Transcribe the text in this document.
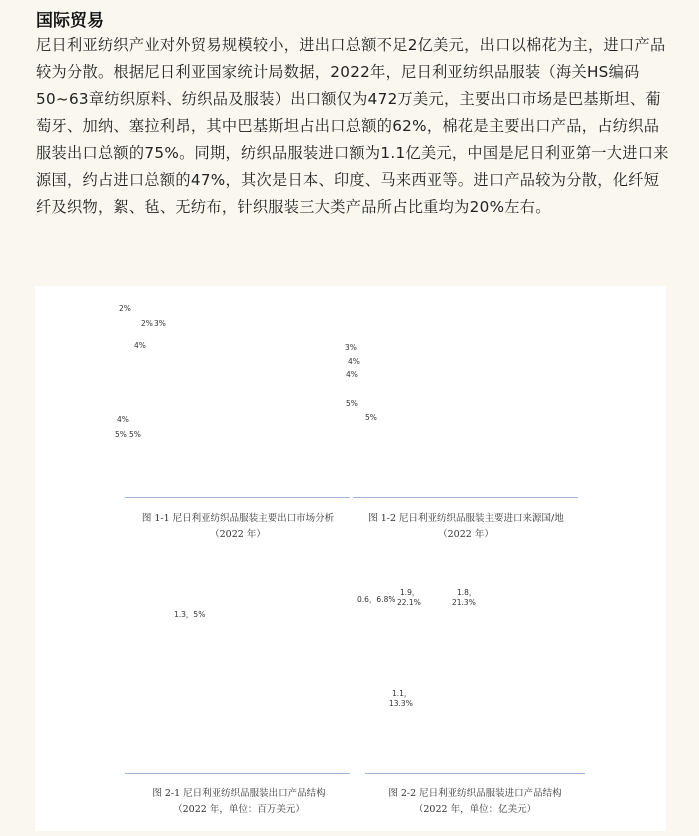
国际贸易
尼日利亚纺织产业对外贸易规模较小，进出口总额不足2亿美元，出口以棉花为主，进口产品较为分散。根据尼日利亚国家统计局数据，2022年，尼日利亚纺织品服装（海关HS编码50~63章纺织原料、纺织品及服装）出口额仅为472万美元，主要出口市场是巴基斯坦、葡萄牙、加纳、塞拉利昂，其中巴基斯坦占出口总额的62%，棉花是主要出口产品，占纺织品服装出口总额的75%。同期，纺织品服装进口额为1.1亿美元，中国是尼日利亚第一大进口来源国，约占进口总额的47%，其次是日本、印度、马来西亚等。进口产品较为分散，化纤短纤及织物，絮、毡、无纺布，针织服装三大类产品所占比重均为20%左右。
2%
2% 3%
4%
4%
5% 5%
62%
13%
图 1-1 尼日利亚纺织品服装主要出口市场分析
（2022 年）
3%
4%
4%
5%
5%
6% 8%
47%
18%
图 1-2 尼日利亚纺织品服装主要进口来源国/地
（2022 年）
1.3，5%
4.7，20%
18.1，75%
图 2-1 尼日利亚纺织品服装出口产品结构
（2022 年，单位：百万美元）
0.6，6.8%
1.9，
22.1%
1.8，
21.3%
1.6，
19.1%
1.5，
17.3%
1.1，
13.3%
图 2-2 尼日利亚纺织品服装进口产品结构
（2022 年，单位：亿美元）
